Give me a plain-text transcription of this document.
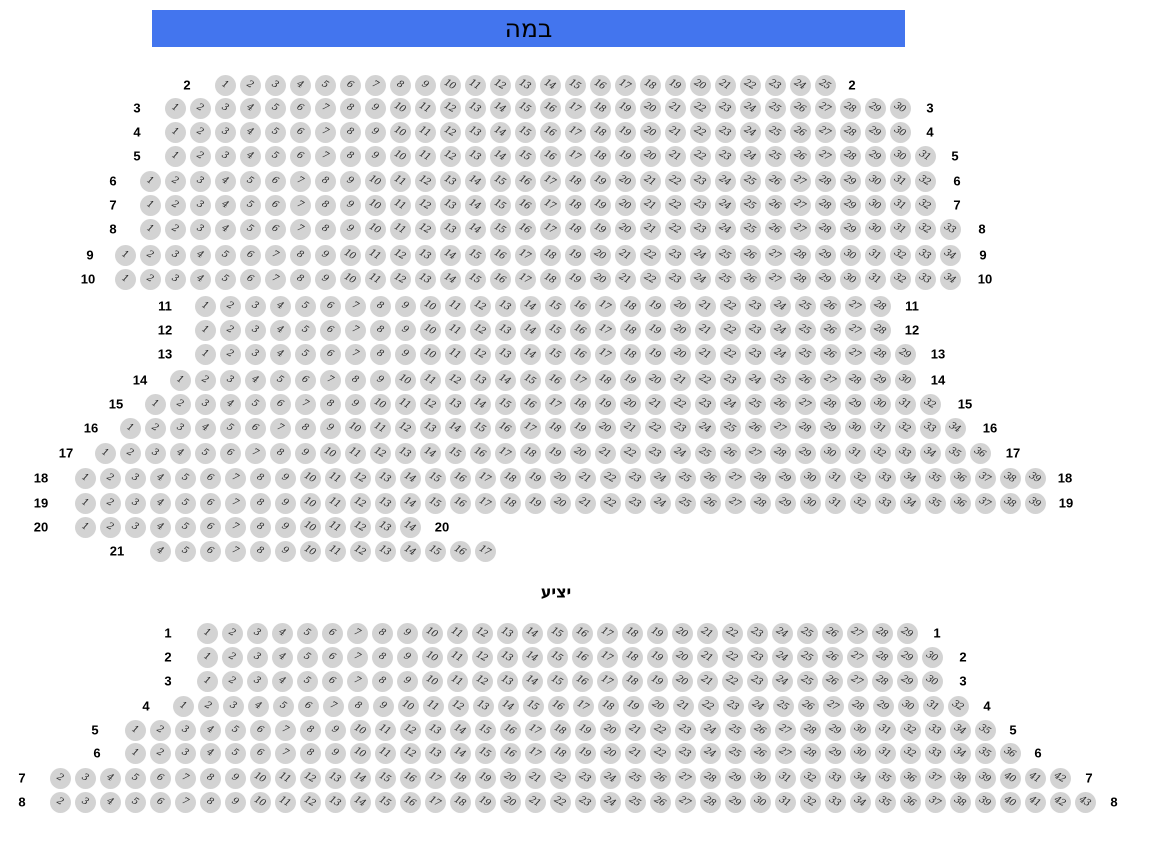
במה
2	1 2 3 4 5 6 7 8 9 10 11 12 13 14 15 16 17 18 19 20 21 22 23 24 25 2
3	1 2 3 4 5 6 7 8 9 10 11 12 13 14 15 16 17 18 19 20 21 22 23 24 25 26 27 28 29 30 3
4	1 2 3 4 5 6 7 8 9 10 11 12 13 14 15 16 17 18 19 20 21 22 23 24 25 26 27 28 29 30 4
5	1 2 3 4 5 6 7 8 9 10 11 12 13 14 15 16 17 18 19 20 21 22 23 24 25 26 27 28 29 30 31 5
6	1 2 3 4 5 6 7 8 9 10 11 12 13 14 15 16 17 18 19 20 21 22 23 24 25 26 27 28 29 30 31 32 6
7	1 2 3 4 5 6 7 8 9 10 11 12 13 14 15 16 17 18 19 20 21 22 23 24 25 26 27 28 29 30 31 32 7
8	1 2 3 4 5 6 7 8 9 10 11 12 13 14 15 16 17 18 19 20 21 22 23 24 25 26 27 28 29 30 31 32 33 8
9	1 2 3 4 5 6 7 8 9 10 11 12 13 14 15 16 17 18 19 20 21 22 23 24 25 26 27 28 29 30 31 32 33 34 9
10	1 2 3 4 5 6 7 8 9 10 11 12 13 14 15 16 17 18 19 20 21 22 23 24 25 26 27 28 29 30 31 32 33 34 10
11	1 2 3 4 5 6 7 8 9 10 11 12 13 14 15 16 17 18 19 20 21 22 23 24 25 26 27 28 11
12	1 2 3 4 5 6 7 8 9 10 11 12 13 14 15 16 17 18 19 20 21 22 23 24 25 26 27 28 12
13	1 2 3 4 5 6 7 8 9 10 11 12 13 14 15 16 17 18 19 20 21 22 23 24 25 26 27 28 29 13
14	1 2 3 4 5 6 7 8 9 10 11 12 13 14 15 16 17 18 19 20 21 22 23 24 25 26 27 28 29 30 14
15	1 2 3 4 5 6 7 8 9 10 11 12 13 14 15 16 17 18 19 20 21 22 23 24 25 26 27 28 29 30 31 32 15
16	1 2 3 4 5 6 7 8 9 10 11 12 13 14 15 16 17 18 19 20 21 22 23 24 25 26 27 28 29 30 31 32 33 34 16
17	1 2 3 4 5 6 7 8 9 10 11 12 13 14 15 16 17 18 19 20 21 22 23 24 25 26 27 28 29 30 31 32 33 34 35 36 17
18	1 2 3 4 5 6 7 8 9 10 11 12 13 14 15 16 17 18 19 20 21 22 23 24 25 26 27 28 29 30 31 32 33 34 35 36 37 38 39 18
19	1 2 3 4 5 6 7 8 9 10 11 12 13 14 15 16 17 18 19 20 21 22 23 24 25 26 27 28 29 30 31 32 33 34 35 36 37 38 39 19
20	1 2 3 4 5 6 7 8 9 10 11 12 13 14 20
21	4 5 6 7 8 9 10 11 12 13 14 15 16 17
1	1 2 3 4 5 6 7 8 9 10 11 12 13 14 15 16 17 18 19 20 21 22 23 24 25 26 27 28 29 1
2	1 2 3 4 5 6 7 8 9 10 11 12 13 14 15 16 17 18 19 20 21 22 23 24 25 26 27 28 29 30 2
3	1 2 3 4 5 6 7 8 9 10 11 12 13 14 15 16 17 18 19 20 21 22 23 24 25 26 27 28 29 30 3
4	1 2 3 4 5 6 7 8 9 10 11 12 13 14 15 16 17 18 19 20 21 22 23 24 25 26 27 28 29 30 31 32 4
5	1 2 3 4 5 6 7 8 9 10 11 12 13 14 15 16 17 18 19 20 21 22 23 24 25 26 27 28 29 30 31 32 33 34 35 5
6	1 2 3 4 5 6 7 8 9 10 11 12 13 14 15 16 17 18 19 20 21 22 23 24 25 26 27 28 29 30 31 32 33 34 35 36 6
7	2 3 4 5 6 7 8 9 10 11 12 13 14 15 16 17 18 19 20 21 22 23 24 25 26 27 28 29 30 31 32 33 34 35 36 37 38 39 40 41 42 7
8	2 3 4 5 6 7 8 9 10 11 12 13 14 15 16 17 18 19 20 21 22 23 24 25 26 27 28 29 30 31 32 33 34 35 36 37 38 39 40 41 42 43 8
יציע
